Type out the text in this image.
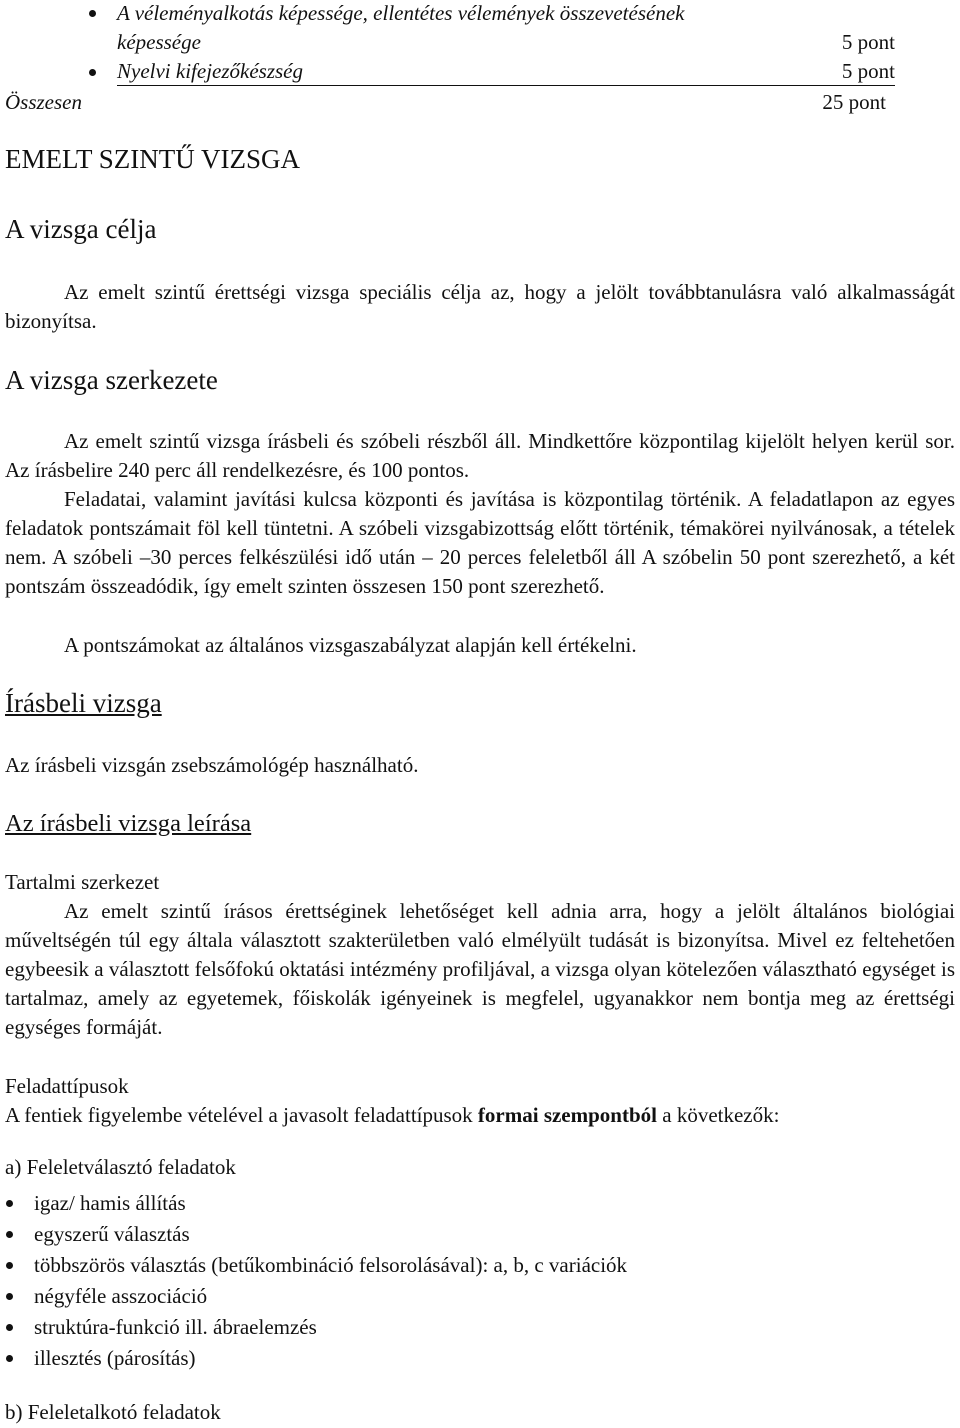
A véleményalkotás képessége, ellentétes vélemények összevetésének
képessége	5 pont
Nyelvi kifejezőkészség	5 pont
Összesen	25 pont
EMELT SZINTŰ VIZSGA
A vizsga célja

Az emelt szintű érettségi vizsga speciális célja az, hogy a jelölt továbbtanulásra való alkalmasságát bizonyítsa.

A vizsga szerkezete

Az emelt szintű vizsga írásbeli és szóbeli részből áll. Mindkettőre központilag kijelölt helyen kerül sor. Az írásbelire 240 perc áll rendelkezésre, és 100 pontos.

Feladatai, valamint javítási kulcsa központi és javítása is központilag történik. A feladatlapon az egyes feladatok pontszámait föl kell tüntetni. A szóbeli vizsgabizottság előtt történik, témakörei nyilvánosak, a tételek nem. A szóbeli –30 perces felkészülési idő után – 20 perces feleletből áll A szóbelin 50 pont szerezhető, a két pontszám összeadódik, így emelt szinten összesen 150 pont szerezhető.

A pontszámokat az általános vizsgaszabályzat alapján kell értékelni.

Írásbeli vizsga

Az írásbeli vizsgán zsebszámológép használható.

Az írásbeli vizsga leírása

Tartalmi szerkezet

Az emelt szintű írásos érettséginek lehetőséget kell adnia arra, hogy a jelölt általános biológiai műveltségén túl egy általa választott szakterületben való elmélyült tudását is bizonyítsa. Mivel ez feltehetően egybeesik a választott felsőfokú oktatási intézmény profiljával, a vizsga olyan kötelezően választható egységet is tartalmaz, amely az egyetemek, főiskolák igényeinek is megfelel, ugyanakkor nem bontja meg az érettségi egységes formáját.

Feladattípusok

A fentiek figyelembe vételével a javasolt feladattípusok formai szempontból a következők:

a) Feleletválasztó feladatok

igaz/ hamis állítás
egyszerű választás
többszörös választás (betűkombináció felsorolásával): a, b, c variációk
négyféle asszociáció
struktúra-funkció ill. ábraelemzés
illesztés (párosítás)

b) Feleletalkotó feladatok
